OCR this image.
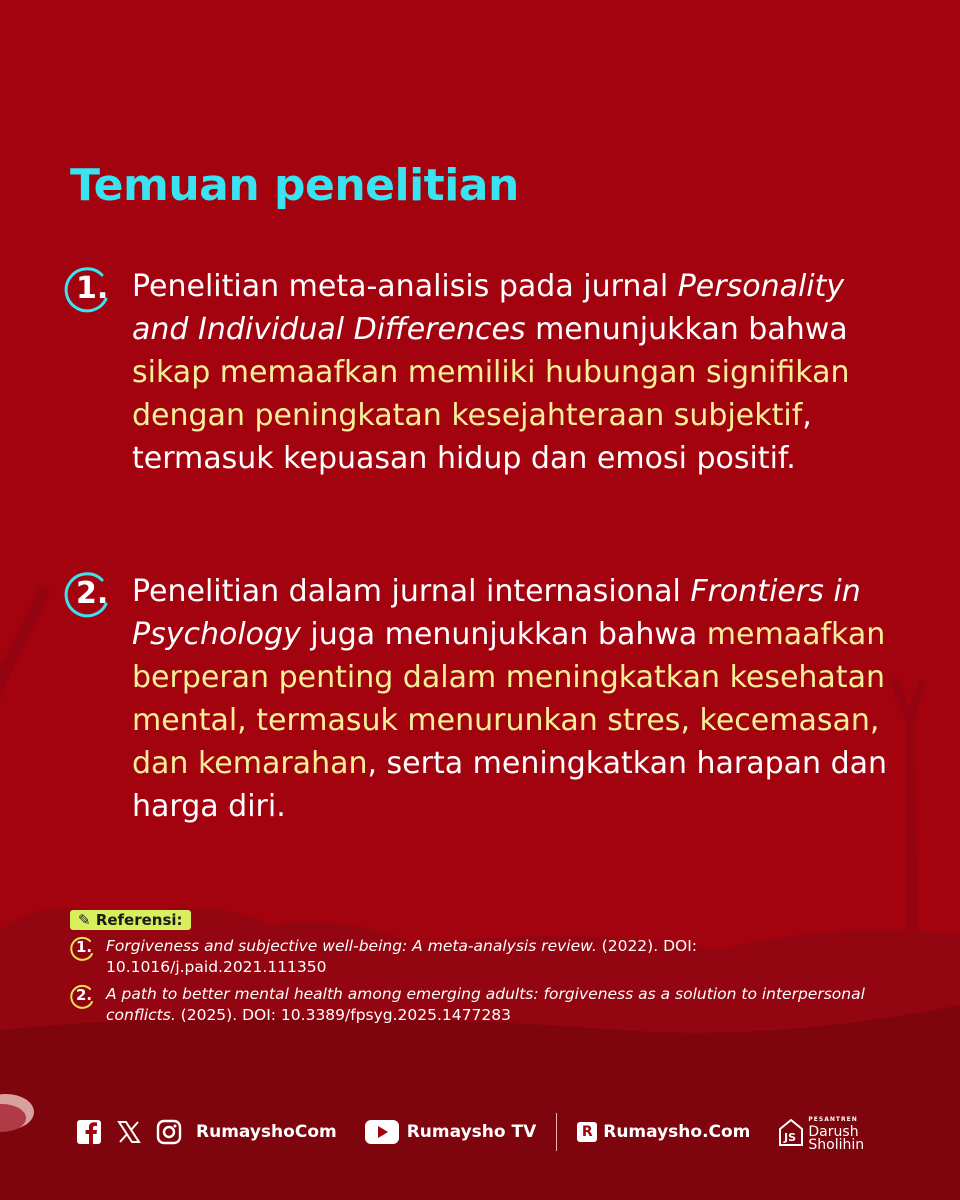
Temuan penelitian
1. Penelitian meta-analisis pada jurnal Personality and Individual Differences menunjukkan bahwa sikap memaafkan memiliki hubungan signifikan dengan peningkatan kesejahteraan subjektif, termasuk kepuasan hidup dan emosi positif.

2. Penelitian dalam jurnal internasional Frontiers in Psychology juga menunjukkan bahwa memaafkan berperan penting dalam meningkatkan kesehatan mental, termasuk menurunkan stres, kecemasan, dan kemarahan, serta meningkatkan harapan dan harga diri.

✎ Referensi:
1. Forgiveness and subjective well-being: A meta-analysis review. (2022). DOI: 10.1016/j.paid.2021.111350
2. A path to better mental health among emerging adults: forgiveness as a solution to interpersonal conflicts. (2025). DOI: 10.3389/fpsyg.2025.1477283
RumayshoCom	Rumaysho TV	R Rumaysho.Com	JS
PESANTREN
Darush
Sholihin
